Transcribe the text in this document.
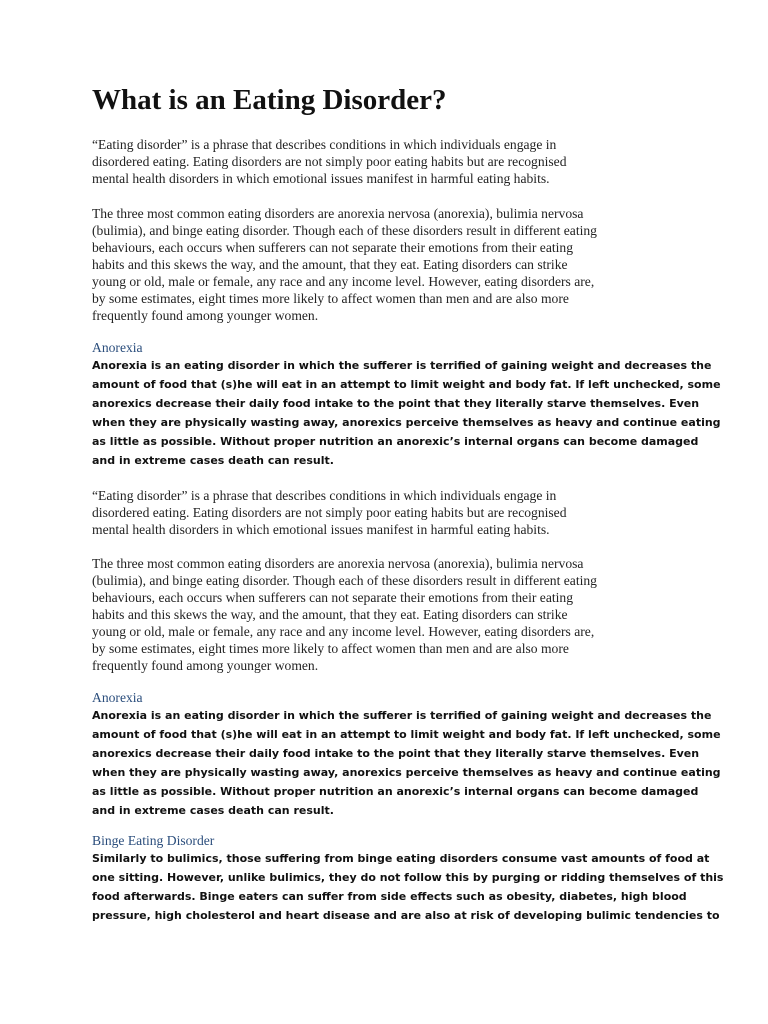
What is an Eating Disorder?

“Eating disorder” is a phrase that describes conditions in which individuals engage in
disordered eating. Eating disorders are not simply poor eating habits but are recognised
mental health disorders in which emotional issues manifest in harmful eating habits.

The three most common eating disorders are anorexia nervosa (anorexia), bulimia nervosa
(bulimia), and binge eating disorder. Though each of these disorders result in different eating
behaviours, each occurs when sufferers can not separate their emotions from their eating
habits and this skews the way, and the amount, that they eat. Eating disorders can strike
young or old, male or female, any race and any income level. However, eating disorders are,
by some estimates, eight times more likely to affect women than men and are also more
frequently found among younger women.

Anorexia

Anorexia is an eating disorder in which the sufferer is terrified of gaining weight and decreases the
amount of food that (s)he will eat in an attempt to limit weight and body fat. If left unchecked, some
anorexics decrease their daily food intake to the point that they literally starve themselves. Even
when they are physically wasting away, anorexics perceive themselves as heavy and continue eating
as little as possible. Without proper nutrition an anorexic’s internal organs can become damaged
and in extreme cases death can result.

“Eating disorder” is a phrase that describes conditions in which individuals engage in
disordered eating. Eating disorders are not simply poor eating habits but are recognised
mental health disorders in which emotional issues manifest in harmful eating habits.

The three most common eating disorders are anorexia nervosa (anorexia), bulimia nervosa
(bulimia), and binge eating disorder. Though each of these disorders result in different eating
behaviours, each occurs when sufferers can not separate their emotions from their eating
habits and this skews the way, and the amount, that they eat. Eating disorders can strike
young or old, male or female, any race and any income level. However, eating disorders are,
by some estimates, eight times more likely to affect women than men and are also more
frequently found among younger women.

Anorexia

Anorexia is an eating disorder in which the sufferer is terrified of gaining weight and decreases the
amount of food that (s)he will eat in an attempt to limit weight and body fat. If left unchecked, some
anorexics decrease their daily food intake to the point that they literally starve themselves. Even
when they are physically wasting away, anorexics perceive themselves as heavy and continue eating
as little as possible. Without proper nutrition an anorexic’s internal organs can become damaged
and in extreme cases death can result.

Binge Eating Disorder

Similarly to bulimics, those suffering from binge eating disorders consume vast amounts of food at
one sitting. However, unlike bulimics, they do not follow this by purging or ridding themselves of this
food afterwards. Binge eaters can suffer from side effects such as obesity, diabetes, high blood
pressure, high cholesterol and heart disease and are also at risk of developing bulimic tendencies to
